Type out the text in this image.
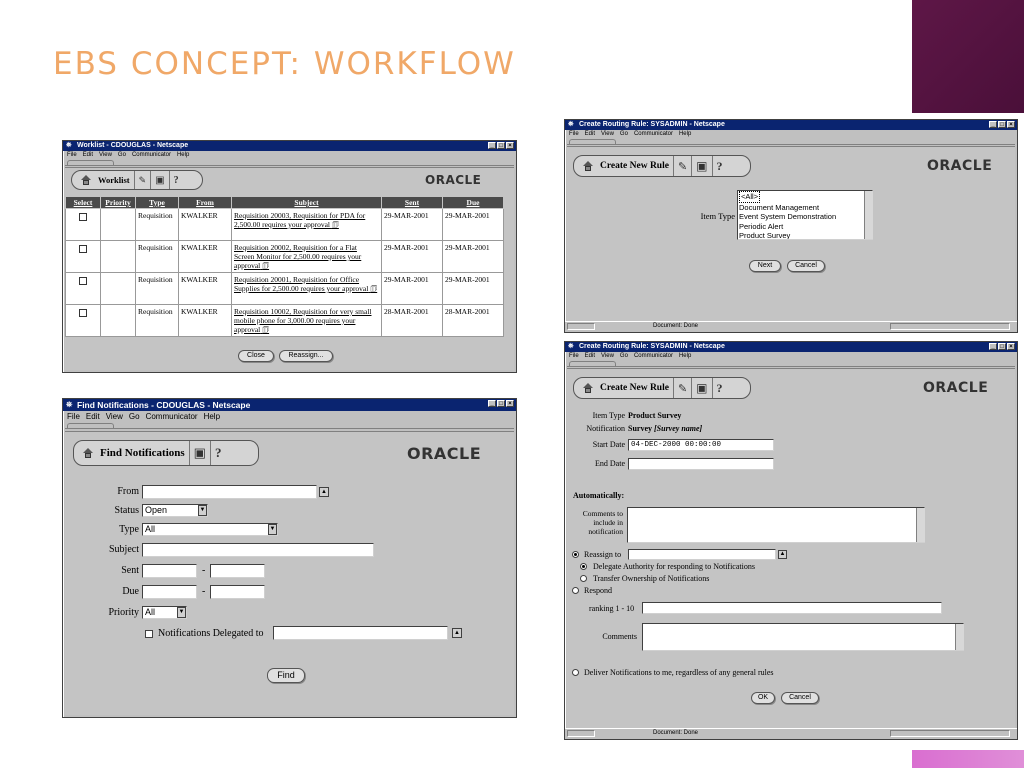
EBS CONCEPT: WORKFLOW
⛯ Worklist - CDOUGLAS - Netscape	_ □ ×
File Edit View Go Communicator Help
Worklist ✎ ▣ ?	ORACLE
Select	Priority	Type	From	Subject	Sent	Due
		Requisition	KWALKER	Requisition 20003, Requisition for PDA for 2,500.00 requires your approval 🗊	29-MAR-2001	29-MAR-2001
		Requisition	KWALKER	Requisition 20002, Requisition for a Flat Screen Monitor for 2,500.00 requires your approval 🗊	29-MAR-2001	29-MAR-2001
		Requisition	KWALKER	Requisition 20001, Requisition for Office Supplies for 2,500.00 requires your approval 🗊	29-MAR-2001	29-MAR-2001
		Requisition	KWALKER	Requisition 10002, Requisition for very small mobile phone for 3,000.00 requires your approval 🗊	28-MAR-2001	28-MAR-2001
Close	Reassign...
⛯ Find Notifications - CDOUGLAS - Netscape	_ □ ×
File Edit View Go Communicator Help
Find Notifications ▣ ?	ORACLE
From	▲
Status Open	▼
Type All	▼
Subject
Sent	-
Due	-
Priority All	▼
Notifications Delegated to	▲
Find
⛯ Create Routing Rule: SYSADMIN - Netscape	_ □ ×
File Edit View Go Communicator Help
Create New Rule ✎ ▣ ?	ORACLE
Item Type
<All>
Document Management
Event System Demonstration
Periodic Alert
Product Survey
Next	Cancel
Document: Done
⛯ Create Routing Rule: SYSADMIN - Netscape	_ □ ×
File Edit View Go Communicator Help
Create New Rule ✎ ▣ ?	ORACLE
Item Type Product Survey
Notification Survey [Survey name]
Start Date 04-DEC-2000 00:00:00
End Date
Automatically:
Comments to include in notification
Reassign to	▲
Delegate Authority for responding to Notifications
Transfer Ownership of Notifications
Respond
ranking 1 - 10
Comments
Deliver Notifications to me, regardless of any general rules
OK	Cancel
Document: Done
